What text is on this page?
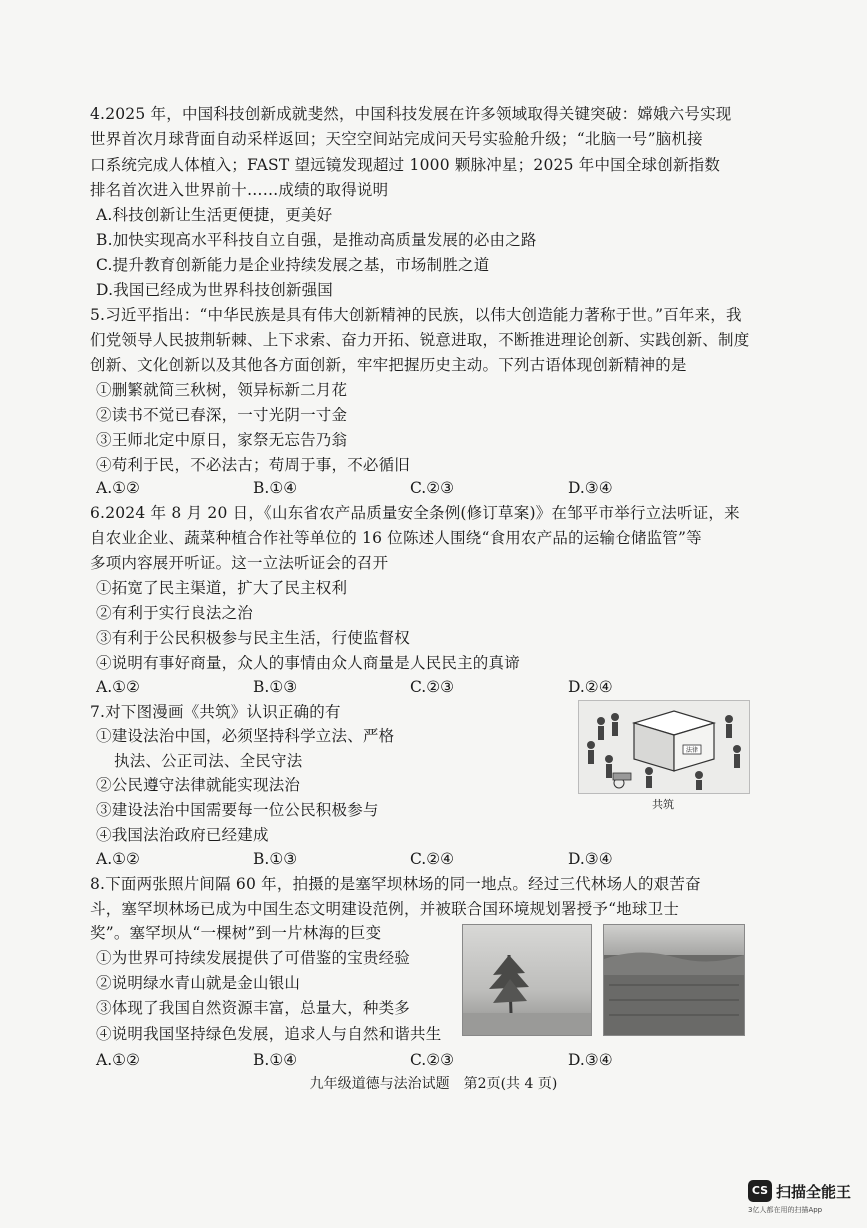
4.2025 年，中国科技创新成就斐然，中国科技发展在许多领域取得关键突破：嫦娥六号实现
世界首次月球背面自动采样返回；天空空间站完成问天号实验舱升级；“北脑一号”脑机接
口系统完成人体植入；FAST 望远镜发现超过 1000 颗脉冲星；2025 年中国全球创新指数
排名首次进入世界前十……成绩的取得说明
A.科技创新让生活更便捷，更美好
B.加快实现高水平科技自立自强，是推动高质量发展的必由之路
C.提升教育创新能力是企业持续发展之基，市场制胜之道
D.我国已经成为世界科技创新强国
5.习近平指出：“中华民族是具有伟大创新精神的民族，以伟大创造能力著称于世。”百年来，我
们党领导人民披荆斩棘、上下求索、奋力开拓、锐意进取，不断推进理论创新、实践创新、制度
创新、文化创新以及其他各方面创新，牢牢把握历史主动。下列古语体现创新精神的是
①删繁就简三秋树，领异标新二月花
②读书不觉已春深，一寸光阴一寸金
③王师北定中原日，家祭无忘告乃翁
④苟利于民，不必法古；苟周于事，不必循旧
A.①②	B.①④	C.②③	D.③④
6.2024 年 8 月 20 日，《山东省农产品质量安全条例(修订草案)》在邹平市举行立法听证，来
自农业企业、蔬菜种植合作社等单位的 16 位陈述人围绕“食用农产品的运输仓储监管”等
多项内容展开听证。这一立法听证会的召开
①拓宽了民主渠道，扩大了民主权利
②有利于实行良法之治
③有利于公民积极参与民主生活，行使监督权
④说明有事好商量，众人的事情由众人商量是人民民主的真谛
A.①②	B.①③	C.②③	D.②④
7.对下图漫画《共筑》认识正确的有
①建设法治中国，必须坚持科学立法、严格
执法、公正司法、全民守法
②公民遵守法律就能实现法治
③建设法治中国需要每一位公民积极参与
④我国法治政府已经建成
A.①②	B.①③	C.②④	D.③④
法律
共筑
8.下面两张照片间隔 60 年，拍摄的是塞罕坝林场的同一地点。经过三代林场人的艰苦奋
斗，塞罕坝林场已成为中国生态文明建设范例，并被联合国环境规划署授予“地球卫士
奖”。塞罕坝从“一棵树”到一片林海的巨变
①为世界可持续发展提供了可借鉴的宝贵经验
②说明绿水青山就是金山银山
③体现了我国自然资源丰富，总量大，种类多
④说明我国坚持绿色发展，追求人与自然和谐共生
A.①②	B.①④	C.②③	D.③④
九年级道德与法治试题　第2页(共 4 页)
CS 扫描全能王
3亿人都在用的扫描App
